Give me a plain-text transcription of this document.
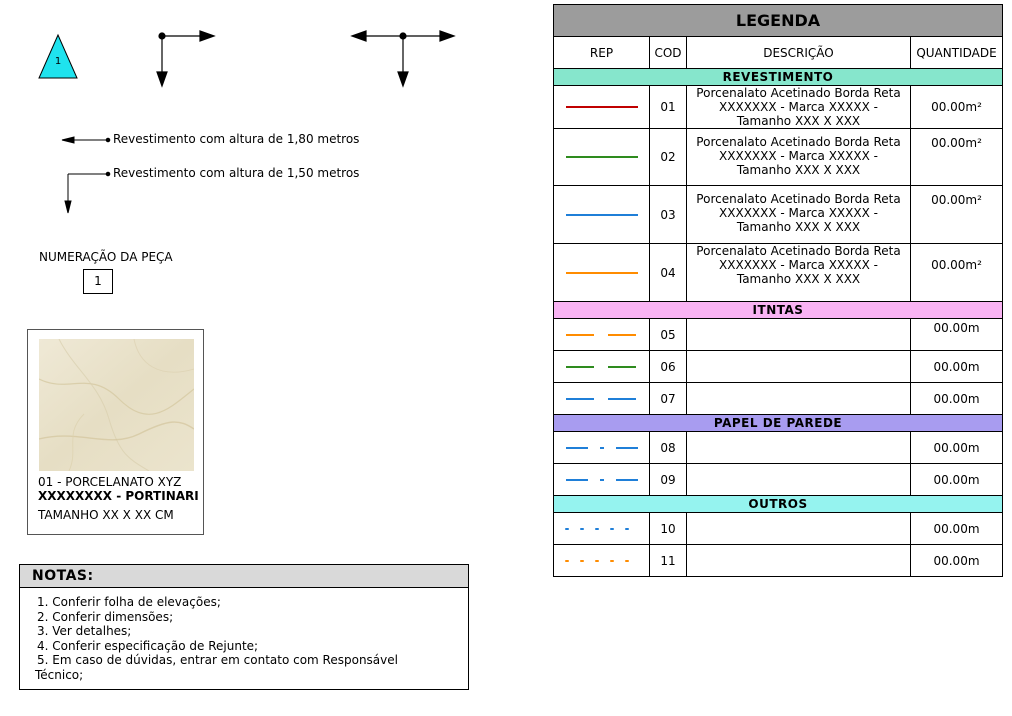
1
Revestimento com altura de 1,80 metros
Revestimento com altura de 1,50 metros
NUMERAÇÃO DA PEÇA
1
01 - PORCELANATO XYZ
XXXXXXXX - PORTINARI
TAMANHO XX X XX CM
NOTAS:
1. Conferir folha de elevações;
2. Conferir dimensões;
3. Ver detalhes;
4. Conferir especificação de Rejunte;
5. Em caso de dúvidas, entrar em contato com Responsável
Técnico;
LEGENDA			
REP	COD	DESCRIÇÃO	QUANTIDADE
REVESTIMENTO			

	01	Porcenalato Acetinado Borda Reta
XXXXXXX - Marca XXXXX -
Tamanho XXX X XXX	00.00m²

	02	Porcenalato Acetinado Borda Reta
XXXXXXX - Marca XXXXX -
Tamanho XXX X XXX	00.00m²

	03	Porcenalato Acetinado Borda Reta
XXXXXXX - Marca XXXXX -
Tamanho XXX X XXX	00.00m²

	04	Porcenalato Acetinado Borda Reta
XXXXXXX - Marca XXXXX -
Tamanho XXX X XXX	00.00m²
ITNTAS			

	05		00.00m

	06		00.00m

	07		00.00m
PAPEL DE PAREDE			

	08		00.00m

	09		00.00m
OUTROS			

	10		00.00m

	11		00.00m
